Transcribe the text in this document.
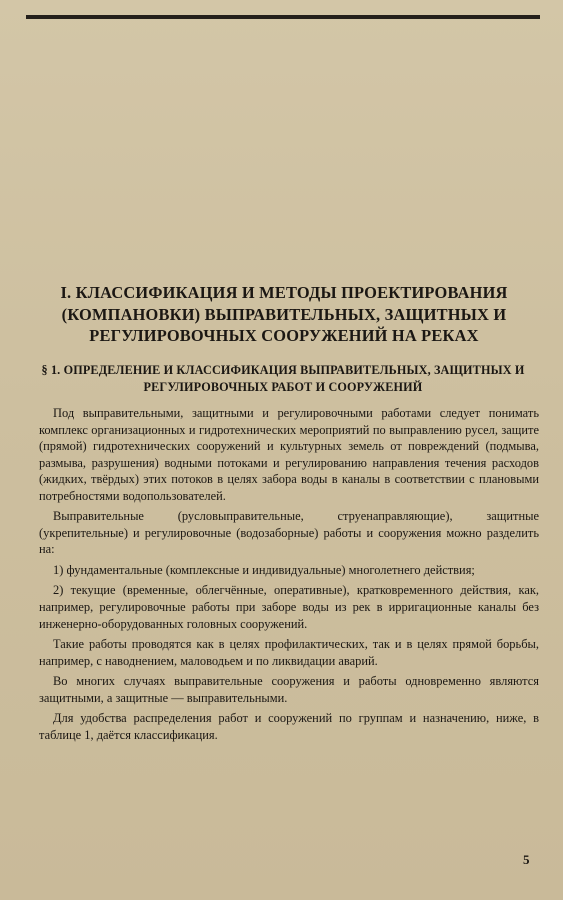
I. КЛАССИФИКАЦИЯ И МЕТОДЫ ПРОЕКТИРОВАНИЯ (КОМПАНОВКИ) ВЫПРАВИТЕЛЬНЫХ, ЗАЩИТНЫХ И РЕГУЛИРОВОЧНЫХ СООРУЖЕНИЙ НА РЕКАХ
§ 1. ОПРЕДЕЛЕНИЕ И КЛАССИФИКАЦИЯ ВЫПРАВИТЕЛЬНЫХ, ЗАЩИТНЫХ И РЕГУЛИРОВОЧНЫХ РАБОТ И СООРУЖЕНИЙ

Под выправительными, защитными и регулировочными работами следует понимать комплекс организационных и гидротехнических мероприятий по выправлению русел, защите (прямой) гидротехнических сооружений и культурных земель от повреждений (подмыва, размыва, разрушения) водными потоками и регулированию направления течения расходов (жидких, твёрдых) этих потоков в целях забора воды в каналы в соответствии с плановыми потребностями водопользователей.

Выправительные (русловыправительные, струенаправляющие), защитные (укрепительные) и регулировочные (водозаборные) работы и сооружения можно разделить на:

1) фундаментальные (комплексные и индивидуальные) многолетнего действия;

2) текущие (временные, облегчённые, оперативные), кратковременного действия, как, например, регулировочные работы при заборе воды из рек в ирригационные каналы без инженерно-оборудованных головных сооружений.

Такие работы проводятся как в целях профилактических, так и в целях прямой борьбы, например, с наводнением, маловодьем и по ликвидации аварий.

Во многих случаях выправительные сооружения и работы одновременно являются защитными, а защитные — выправительными.

Для удобства распределения работ и сооружений по группам и назначению, ниже, в таблице 1, даётся классификация.

5
